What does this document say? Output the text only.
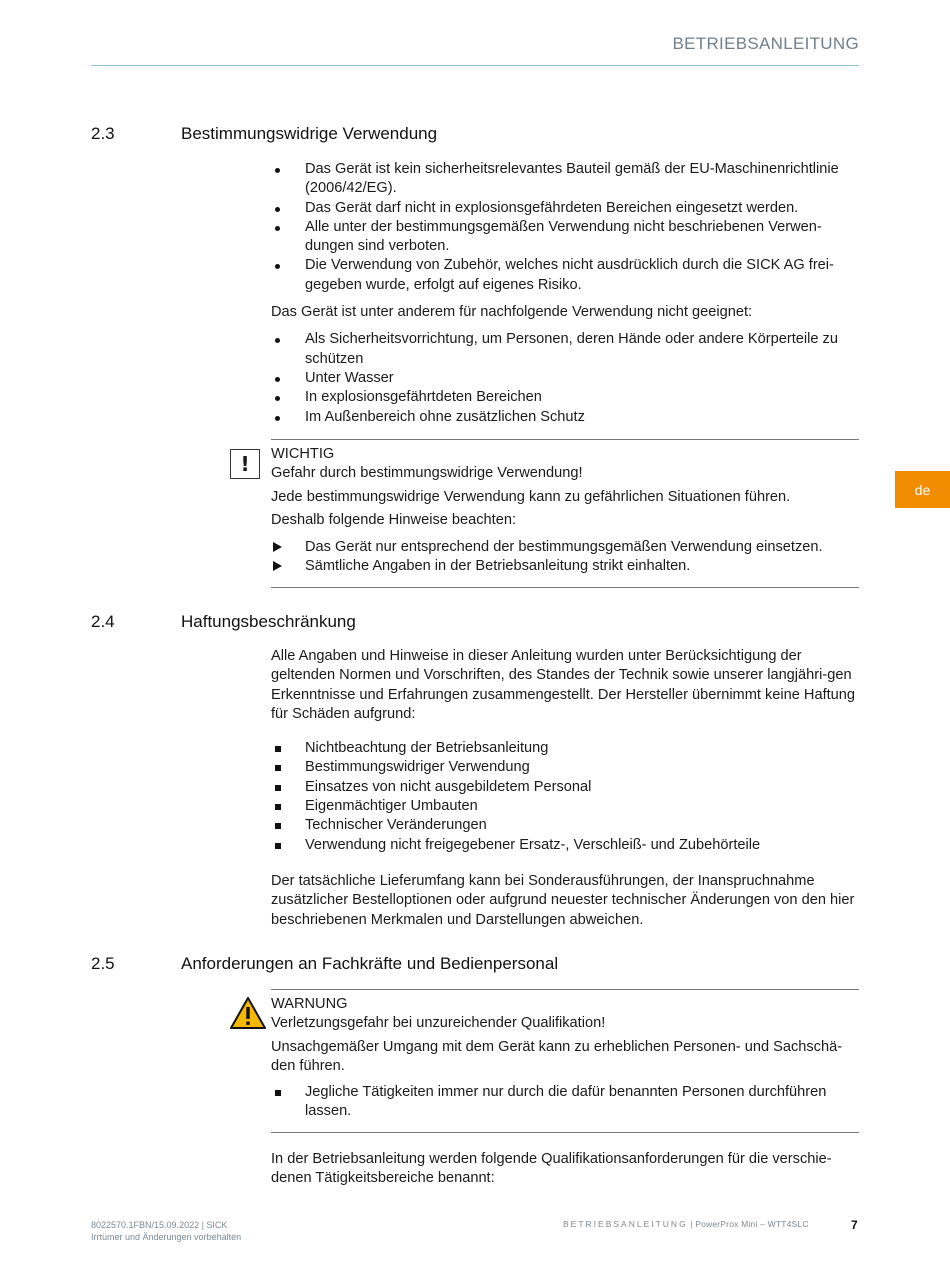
BETRIEBSANLEITUNG
de
2.3	Bestimmungswidrige Verwendung
Das Gerät ist kein sicherheitsrelevantes Bauteil gemäß der EU-Maschinenrichtlinie (2006/42/EG).
Das Gerät darf nicht in explosionsgefährdeten Bereichen eingesetzt werden.
Alle unter der bestimmungsgemäßen Verwendung nicht beschriebenen Verwen-dungen sind verboten.
Die Verwendung von Zubehör, welches nicht ausdrücklich durch die SICK AG frei-gegeben wurde, erfolgt auf eigenes Risiko.

Das Gerät ist unter anderem für nachfolgende Verwendung nicht geeignet:

Als Sicherheitsvorrichtung, um Personen, deren Hände oder andere Körperteile zu schützen
Unter Wasser
In explosionsgefährtdeten Bereichen
Im Außenbereich ohne zusätzlichen Schutz
!	WICHTIG
Gefahr durch bestimmungswidrige Verwendung!
Jede bestimmungswidrige Verwendung kann zu gefährlichen Situationen führen.
Deshalb folgende Hinweise beachten:
Das Gerät nur entsprechend der bestimmungsgemäßen Verwendung einsetzen.
Sämtliche Angaben in der Betriebsanleitung strikt einhalten.
2.4	Haftungsbeschränkung

Alle Angaben und Hinweise in dieser Anleitung wurden unter Berücksichtigung der geltenden Normen und Vorschriften, des Standes der Technik sowie unserer langjähri-gen Erkenntnisse und Erfahrungen zusammengestellt. Der Hersteller übernimmt keine Haftung für Schäden aufgrund:

Nichtbeachtung der Betriebsanleitung
Bestimmungswidriger Verwendung
Einsatzes von nicht ausgebildetem Personal
Eigenmächtiger Umbauten
Technischer Veränderungen
Verwendung nicht freigegebener Ersatz-, Verschleiß- und Zubehörteile

Der tatsächliche Lieferumfang kann bei Sonderausführungen, der Inanspruchnahme zusätzlicher Bestelloptionen oder aufgrund neuester technischer Änderungen von den hier beschriebenen Merkmalen und Darstellungen abweichen.

2.5	Anforderungen an Fachkräfte und Bedienpersonal
WARNUNG
Verletzungsgefahr bei unzureichender Qualifikation!
Unsachgemäßer Umgang mit dem Gerät kann zu erheblichen Personen- und Sachschä-den führen.
Jegliche Tätigkeiten immer nur durch die dafür benannten Personen durchführen lassen.

In der Betriebsanleitung werden folgende Qualifikationsanforderungen für die verschie-denen Tätigkeitsbereiche benannt:

8022570.1FBN/15.09.2022 | SICK
Irrtümer und Änderungen vorbehalten
BETRIEBSANLEITUNG | PowerProx Mini – WTT4SLC	7
